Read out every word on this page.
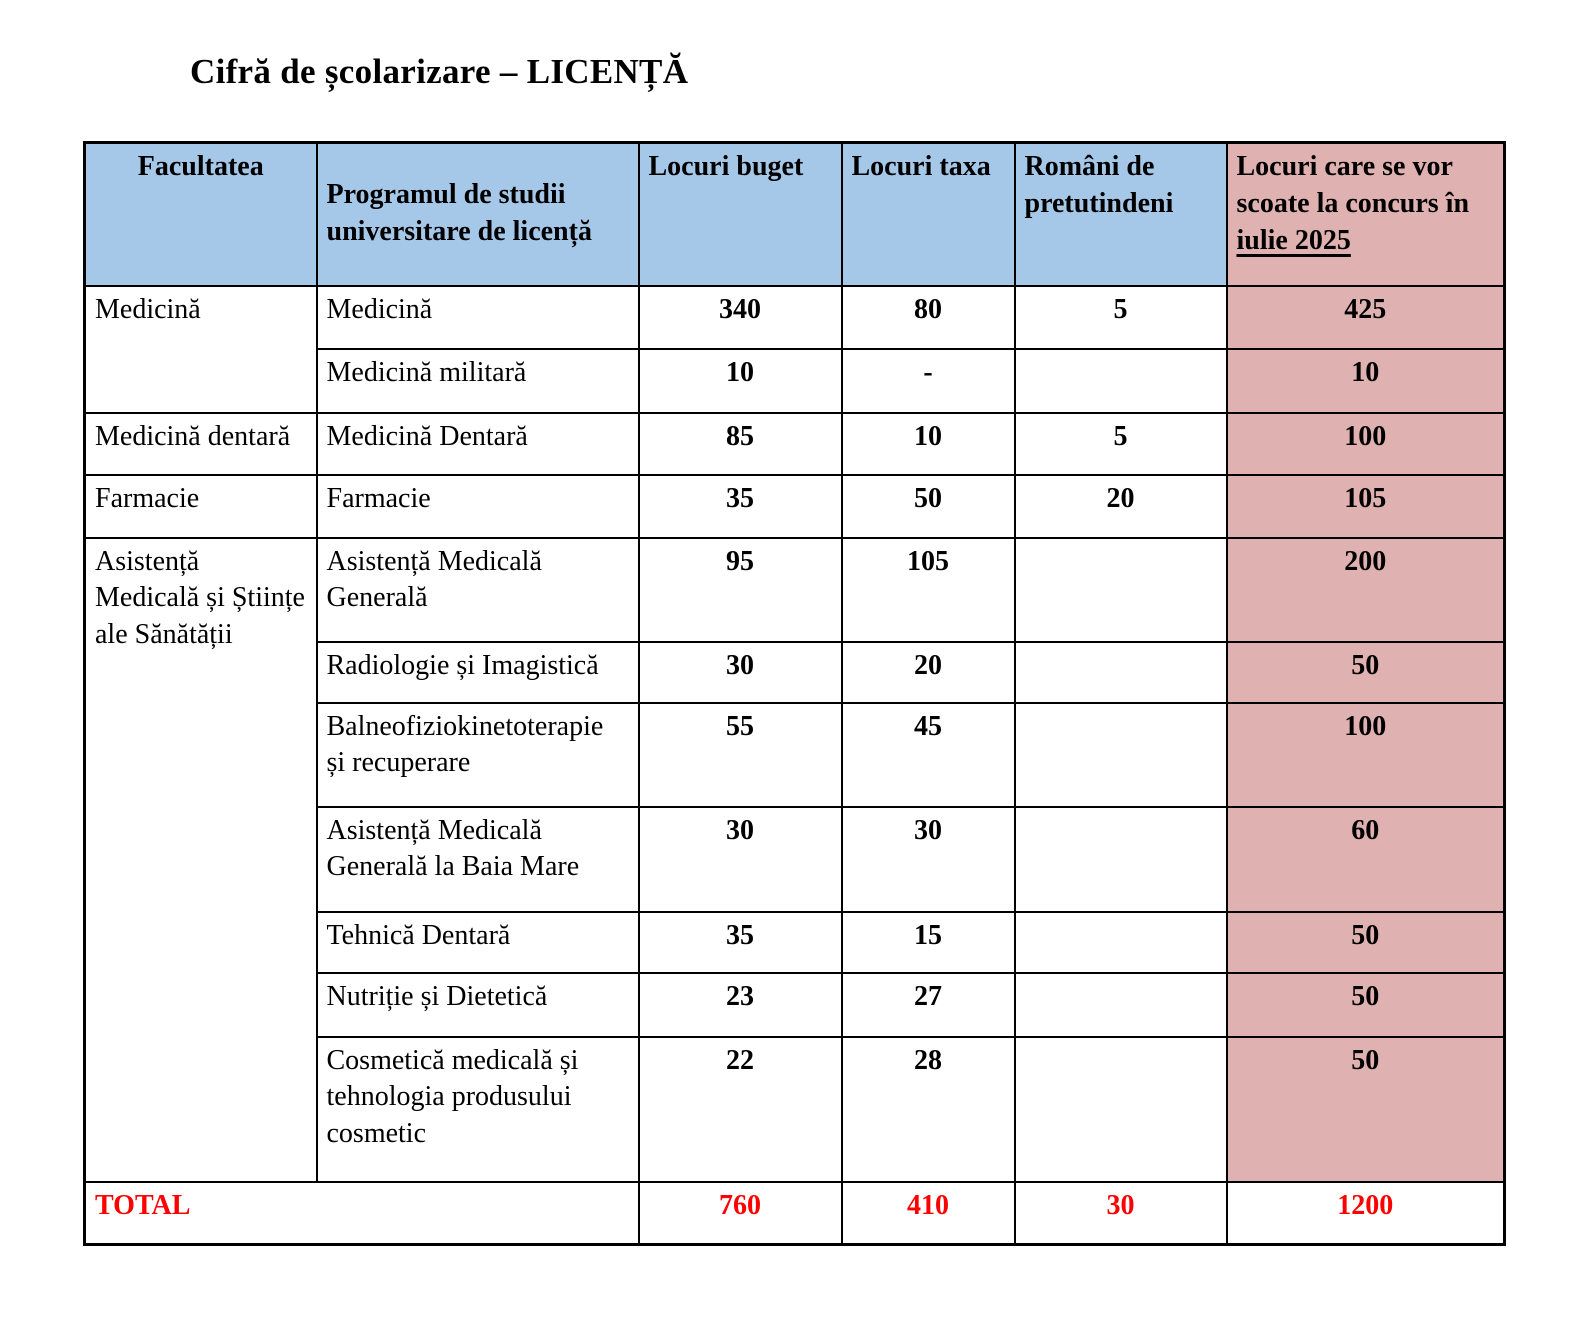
Cifră de școlarizare – LICENȚĂ
Facultatea	Programul de studii universitare de licență	Locuri buget	Locuri taxa	Români de pretutindeni	Locuri care se vor scoate la concurs în iulie 2025
Medicină	Medicină	340	80	5	425
	Medicină militară	10	-		10
Medicină dentară	Medicină Dentară	85	10	5	100
Farmacie	Farmacie	35	50	20	105
Asistență Medicală și Științe ale Sănătății	Asistență Medicală Generală	95	105		200
	Radiologie și Imagistică	30	20		50
	Balneofiziokinetoterapie și recuperare	55	45		100
	Asistență Medicală Generală la Baia Mare	30	30		60
	Tehnică Dentară	35	15		50
	Nutriție și Dietetică	23	27		50
	Cosmetică medicală și tehnologia produsului cosmetic	22	28		50
TOTAL		760	410	30	1200
